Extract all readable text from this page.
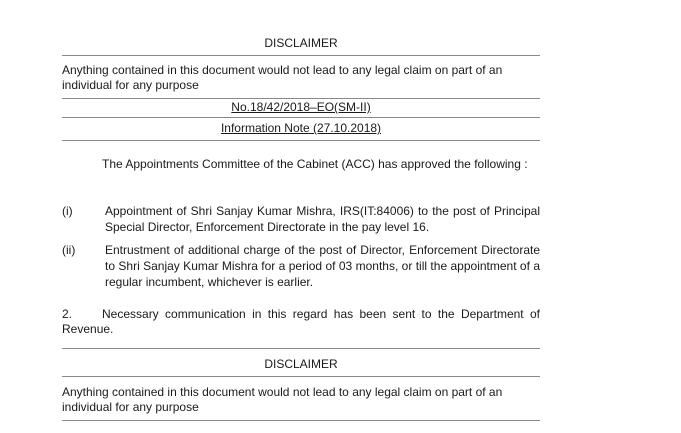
DISCLAIMER
Anything contained in this document would not lead to any legal claim on part of an individual for any purpose
No.18/42/2018–EO(SM-II)
Information Note (27.10.2018)
The Appointments Committee of the Cabinet (ACC) has approved the following :
(i)	Appointment of Shri Sanjay Kumar Mishra, IRS(IT:84006) to the post of Principal Special Director, Enforcement Directorate in the pay level 16.
(ii) Entrustment of additional charge of the post of Director, Enforcement Directorate to Shri Sanjay Kumar Mishra for a period of 03 months, or till the appointment of a regular incumbent, whichever is earlier.
2. Necessary communication in this regard has been sent to the Department of Revenue.
DISCLAIMER
Anything contained in this document would not lead to any legal claim on part of an individual for any purpose
